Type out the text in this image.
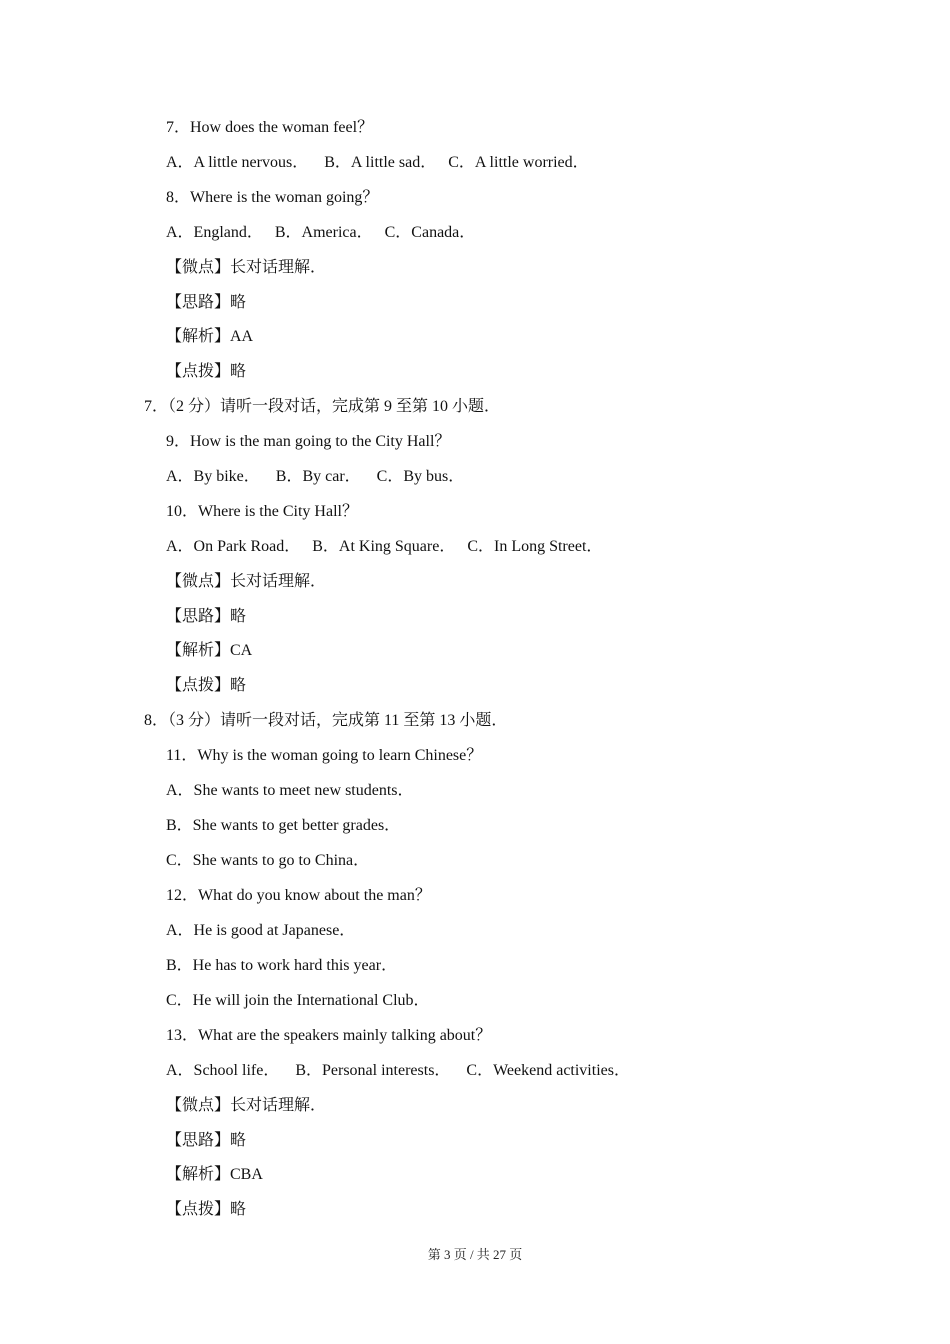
7．How does the woman feel？
A．A little nervous．    B．A little sad．   C．A little worried．
8．Where is the woman going？
A．England．   B．America．   C．Canada．
【微点】长对话理解．
【思路】略
【解析】AA
【点拨】略
7．（2 分）请听一段对话，完成第 9 至第 10 小题．
9．How is the man going to the City Hall？
A．By bike．    B．By car．    C．By bus．
10．Where is the City Hall？
A．On Park Road．   B．At King Square．   C．In Long Street．
【微点】长对话理解．
【思路】略
【解析】CA
【点拨】略
8．（3 分）请听一段对话，完成第 11 至第 13 小题．
11．Why is the woman going to learn Chinese？
A．She wants to meet new students．
B．She wants to get better grades．
C．She wants to go to China．
12．What do you know about the man？
A．He is good at Japanese．
B．He has to work hard this year．
C．He will join the International Club．
13．What are the speakers mainly talking about？
A．School life．    B．Personal interests．    C．Weekend activities．
【微点】长对话理解．
【思路】略
【解析】CBA
【点拨】略
第 3 页 / 共 27 页
